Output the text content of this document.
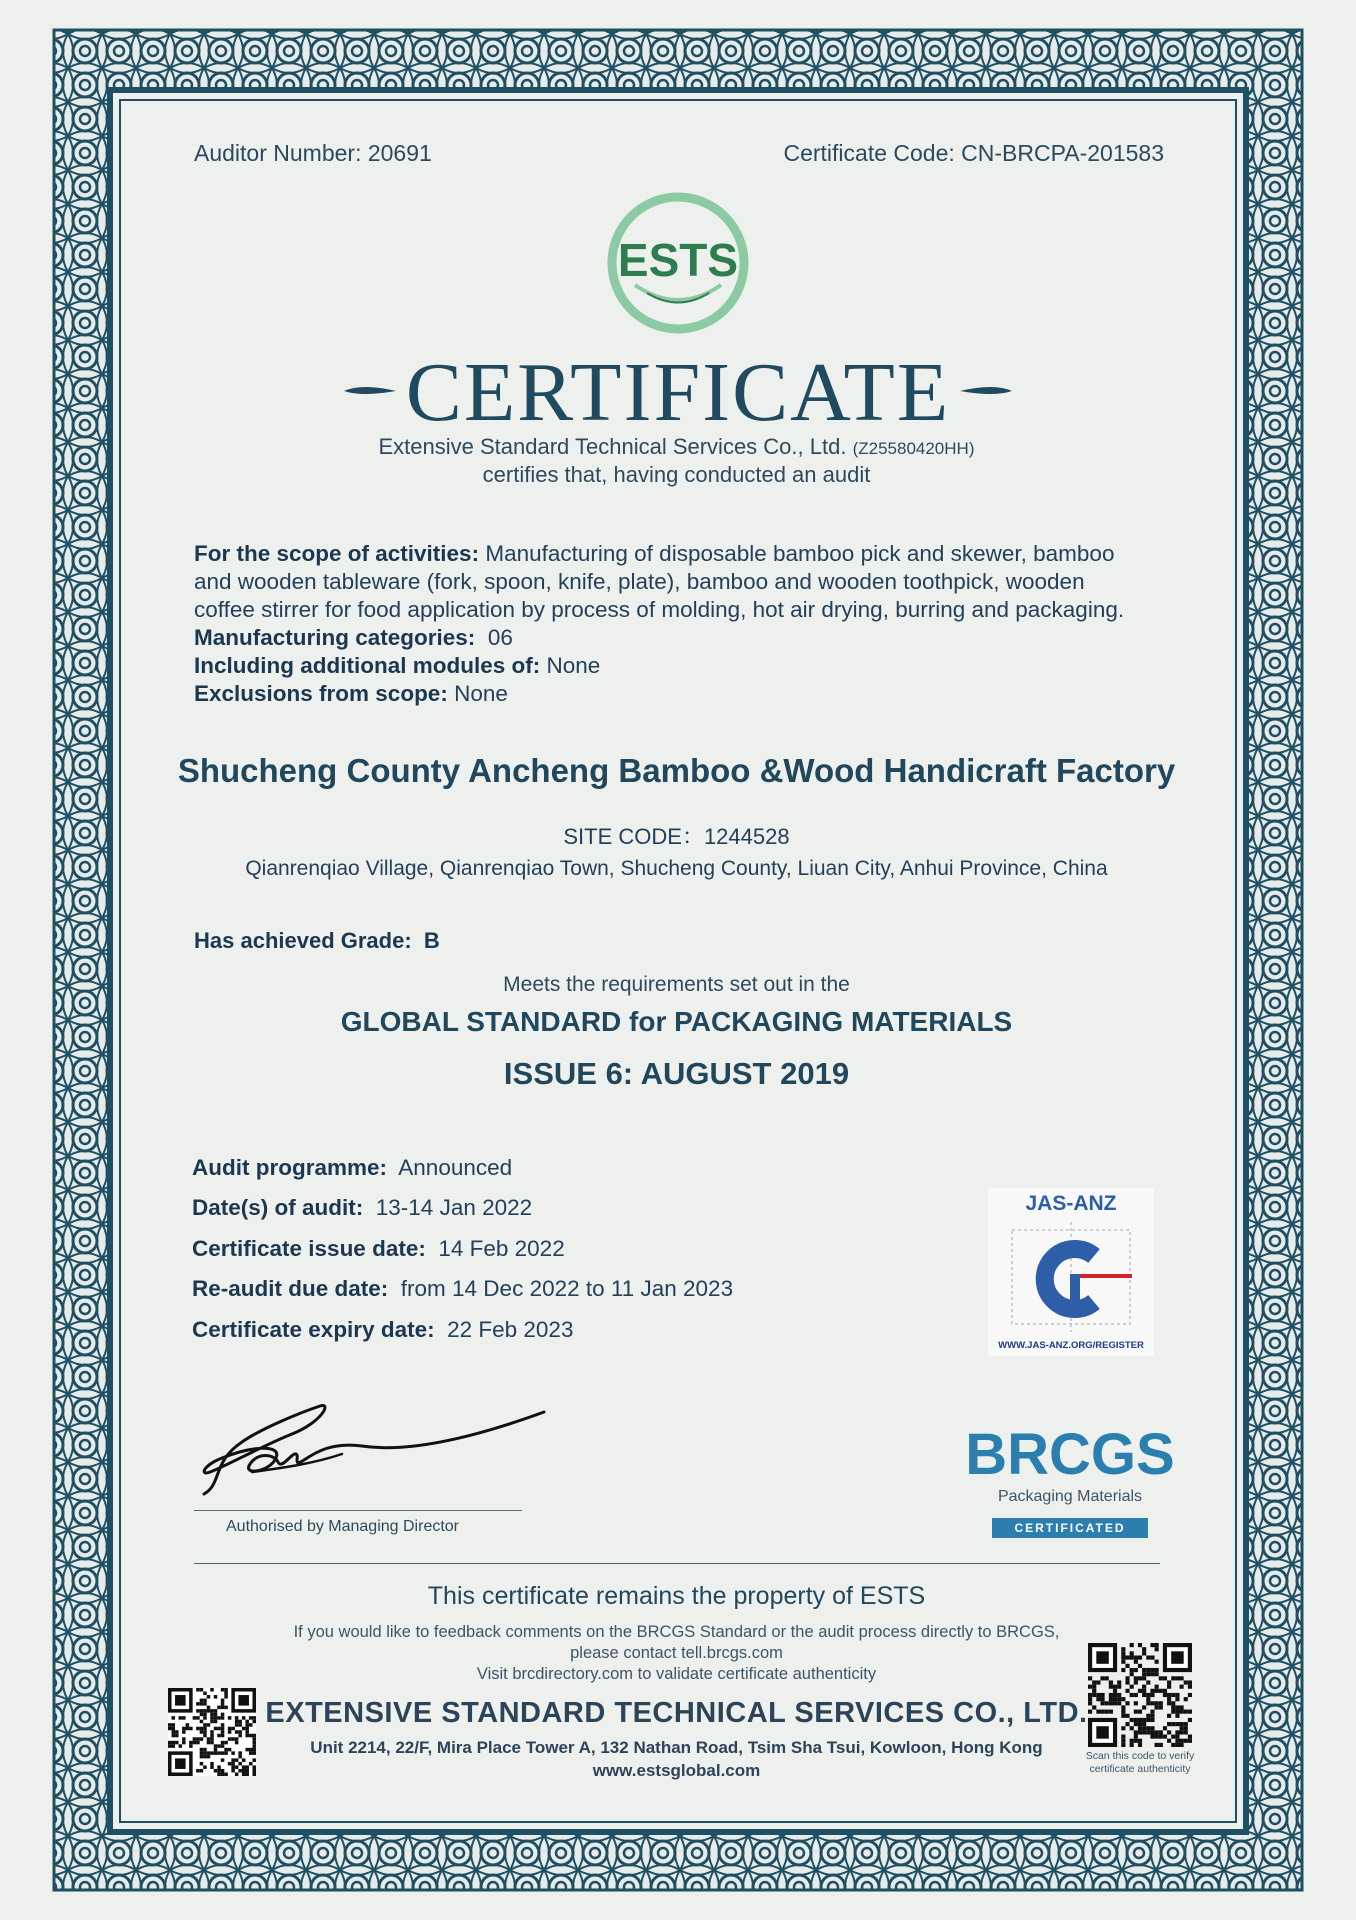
Auditor Number: 20691	Certificate Code: CN-BRCPA-201583
ESTS
CERTIFICATE
Extensive Standard Technical Services Co., Ltd. (Z25580420HH)
certifies that, having conducted an audit
For the scope of activities: Manufacturing of disposable bamboo pick and skewer, bamboo
and wooden tableware (fork, spoon, knife, plate), bamboo and wooden toothpick, wooden
coffee stirrer for food application by process of molding, hot air drying, burring and packaging.
Manufacturing categories: 06
Including additional modules of: None
Exclusions from scope: None
Shucheng County Ancheng Bamboo &Wood Handicraft Factory
SITE CODE：1244528
Qianrenqiao Village, Qianrenqiao Town, Shucheng County, Liuan City, Anhui Province, China
Has achieved Grade: B
Meets the requirements set out in the
GLOBAL STANDARD for PACKAGING MATERIALS
ISSUE 6: AUGUST 2019
Audit programme: Announced
Date(s) of audit: 13-14 Jan 2022
Certificate issue date: 14 Feb 2022
Re-audit due date: from 14 Dec 2022 to 11 Jan 2023
Certificate expiry date: 22 Feb 2023
JAS-ANZ
WWW.JAS-ANZ.ORG/REGISTER
Authorised by Managing Director
BRCGS
Packaging Materials
CERTIFICATED
This certificate remains the property of ESTS
If you would like to feedback comments on the BRCGS Standard or the audit process directly to BRCGS,
please contact tell.brcgs.com
Visit brcdirectory.com to validate certificate authenticity
EXTENSIVE STANDARD TECHNICAL SERVICES CO., LTD.
Unit 2214, 22/F, Mira Place Tower A, 132 Nathan Road, Tsim Sha Tsui, Kowloon, Hong Kong
www.estsglobal.com
Scan this code to verify
certificate authenticity
